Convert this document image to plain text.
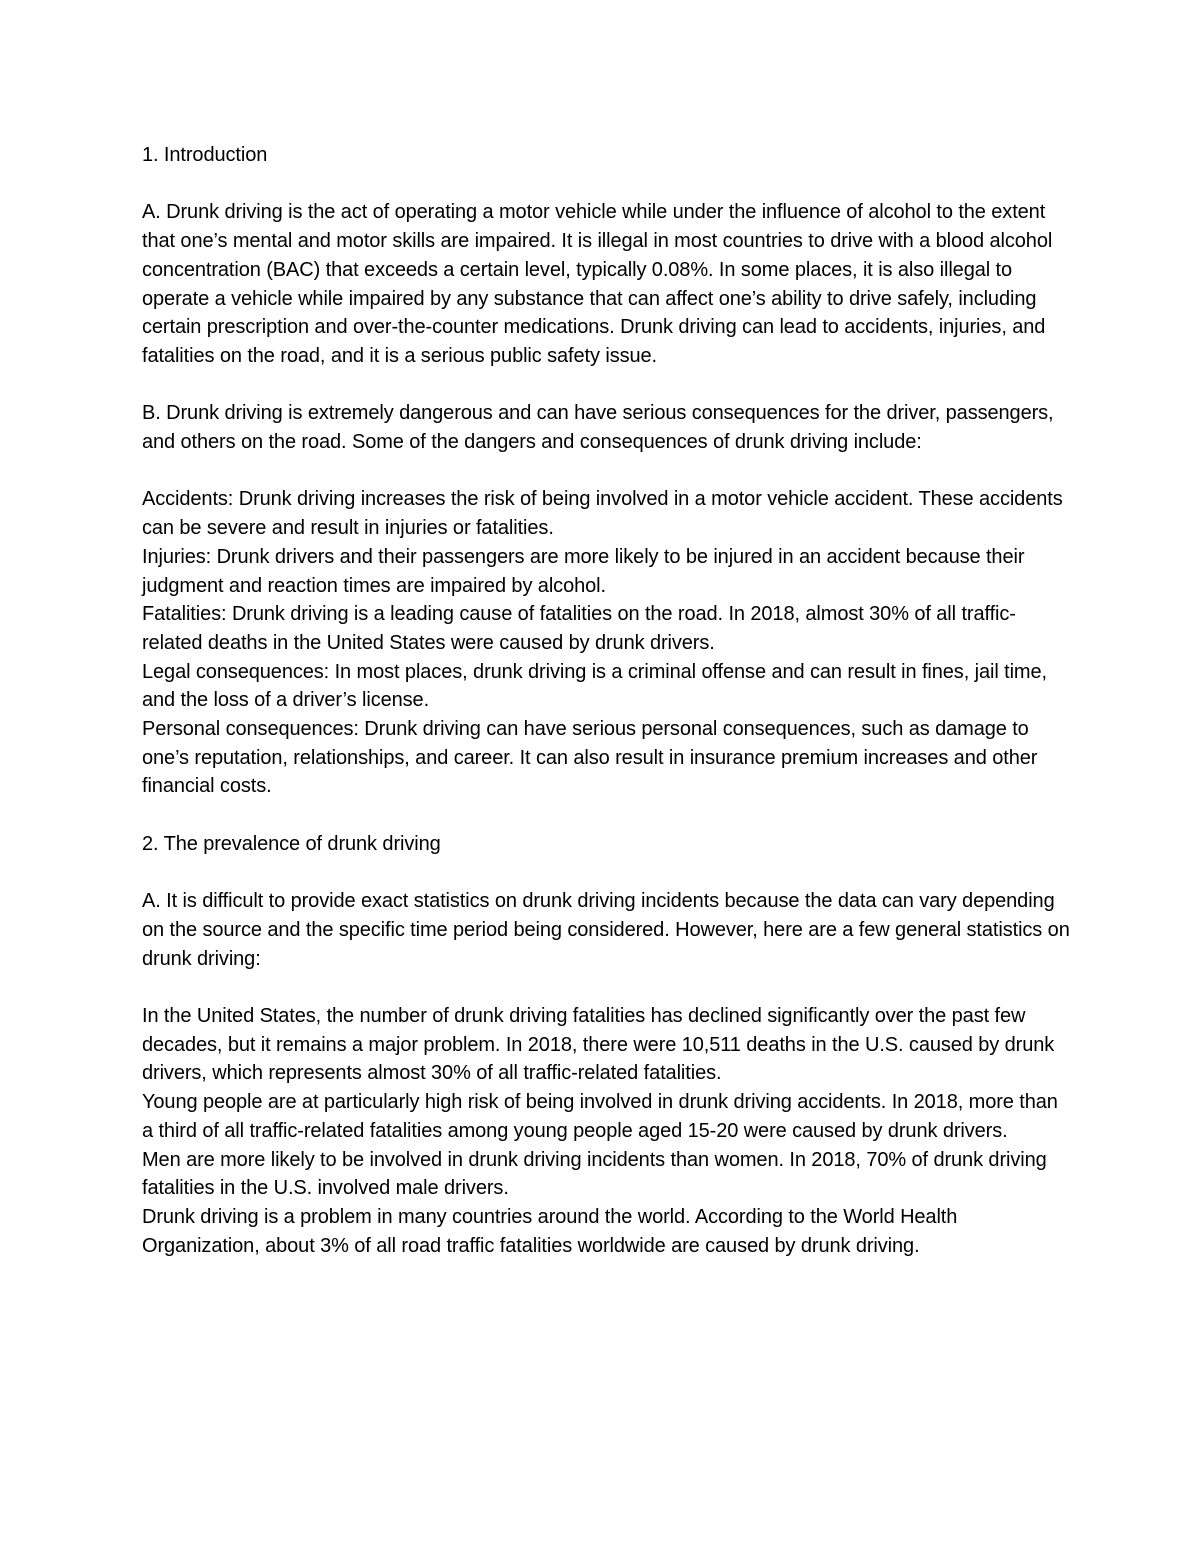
1. Introduction

A. Drunk driving is the act of operating a motor vehicle while under the influence of alcohol to the extent that one’s mental and motor skills are impaired. It is illegal in most countries to drive with a blood alcohol concentration (BAC) that exceeds a certain level, typically 0.08%. In some places, it is also illegal to operate a vehicle while impaired by any substance that can affect one’s ability to drive safely, including certain prescription and over-the-counter medications. Drunk driving can lead to accidents, injuries, and fatalities on the road, and it is a serious public safety issue.

B. Drunk driving is extremely dangerous and can have serious consequences for the driver, passengers, and others on the road. Some of the dangers and consequences of drunk driving include:

Accidents: Drunk driving increases the risk of being involved in a motor vehicle accident. These accidents can be severe and result in injuries or fatalities.

Injuries: Drunk drivers and their passengers are more likely to be injured in an accident because their judgment and reaction times are impaired by alcohol.

Fatalities: Drunk driving is a leading cause of fatalities on the road. In 2018, almost 30% of all traffic-related deaths in the United States were caused by drunk drivers.

Legal consequences: In most places, drunk driving is a criminal offense and can result in fines, jail time, and the loss of a driver’s license.

Personal consequences: Drunk driving can have serious personal consequences, such as damage to one’s reputation, relationships, and career. It can also result in insurance premium increases and other financial costs.

2. The prevalence of drunk driving

A. It is difficult to provide exact statistics on drunk driving incidents because the data can vary depending on the source and the specific time period being considered. However, here are a few general statistics on drunk driving:

In the United States, the number of drunk driving fatalities has declined significantly over the past few decades, but it remains a major problem. In 2018, there were 10,511 deaths in the U.S. caused by drunk drivers, which represents almost 30% of all traffic-related fatalities.

Young people are at particularly high risk of being involved in drunk driving accidents. In 2018, more than a third of all traffic-related fatalities among young people aged 15-20 were caused by drunk drivers.

Men are more likely to be involved in drunk driving incidents than women. In 2018, 70% of drunk driving fatalities in the U.S. involved male drivers.

Drunk driving is a problem in many countries around the world. According to the World Health Organization, about 3% of all road traffic fatalities worldwide are caused by drunk driving.
